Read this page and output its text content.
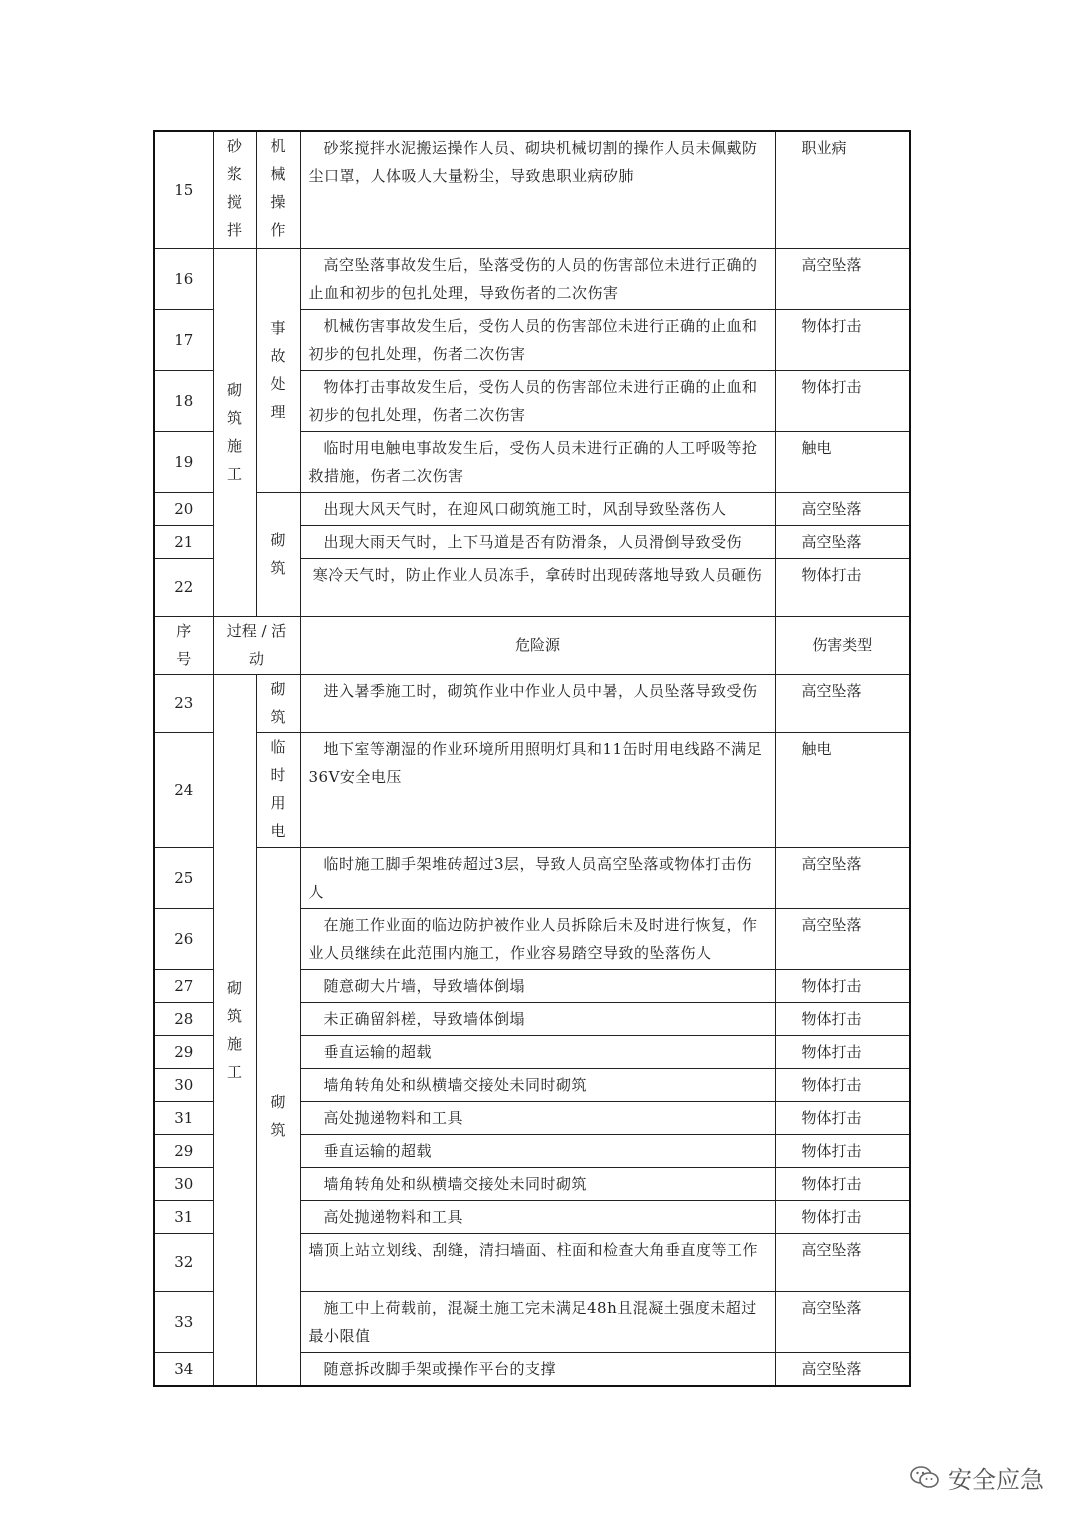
15	砂浆搅拌	机械操作	砂浆搅拌水泥搬运操作人员、砌块机械切割的操作人员未佩戴防尘口罩，人体吸人大量粉尘，导致患职业病矽肺	职业病
16	砌筑施工	事故处理	高空坠落事故发生后，坠落受伤的人员的伤害部位未进行正确的止血和初步的包扎处理，导致伤者的二次伤害	高空坠落
17			机械伤害事故发生后，受伤人员的伤害部位未进行正确的止血和初步的包扎处理，伤者二次伤害	物体打击
18			物体打击事故发生后，受伤人员的伤害部位未进行正确的止血和初步的包扎处理，伤者二次伤害	物体打击
19			临时用电触电事故发生后，受伤人员未进行正确的人工呼吸等抢救措施，伤者二次伤害	触电
20		砌筑	出现大风天气时，在迎风口砌筑施工时，风刮导致坠落伤人	高空坠落
21			出现大雨天气时，上下马道是否有防滑条，人员滑倒导致受伤	高空坠落
22			寒冷天气时，防止作业人员冻手，拿砖时出现砖落地导致人员砸伤	物体打击
序号	过程 / 活动		危险源	伤害类型
23	砌筑施工	砌筑	进入暑季施工时，砌筑作业中作业人员中暑，人员坠落导致受伤	高空坠落
24		临时用电	地下室等潮湿的作业环境所用照明灯具和11缶时用电线路不满足36V安全电压	触电
25		砌筑	临时施工脚手架堆砖超过3层，导致人员高空坠落或物体打击伤人	高空坠落
26			在施工作业面的临边防护被作业人员拆除后未及时进行恢复，作业人员继续在此范围内施工，作业容易踏空导致的坠落伤人	高空坠落
27			随意砌大片墙，导致墙体倒塌	物体打击
28			未正确留斜槎，导致墙体倒塌	物体打击
29			垂直运输的超载	物体打击
30			墙角转角处和纵横墙交接处未同时砌筑	物体打击
31			高处抛递物料和工具	物体打击
29			垂直运输的超载	物体打击
30			墙角转角处和纵横墙交接处未同时砌筑	物体打击
31			高处抛递物料和工具	物体打击
32			墙顶上站立划线、刮缝，清扫墙面、柱面和检查大角垂直度等工作	高空坠落
33			施工中上荷载前，混凝土施工完未满足48h且混凝土强度未超过最小限值	高空坠落
34			随意拆改脚手架或操作平台的支撑	高空坠落
安全应急
